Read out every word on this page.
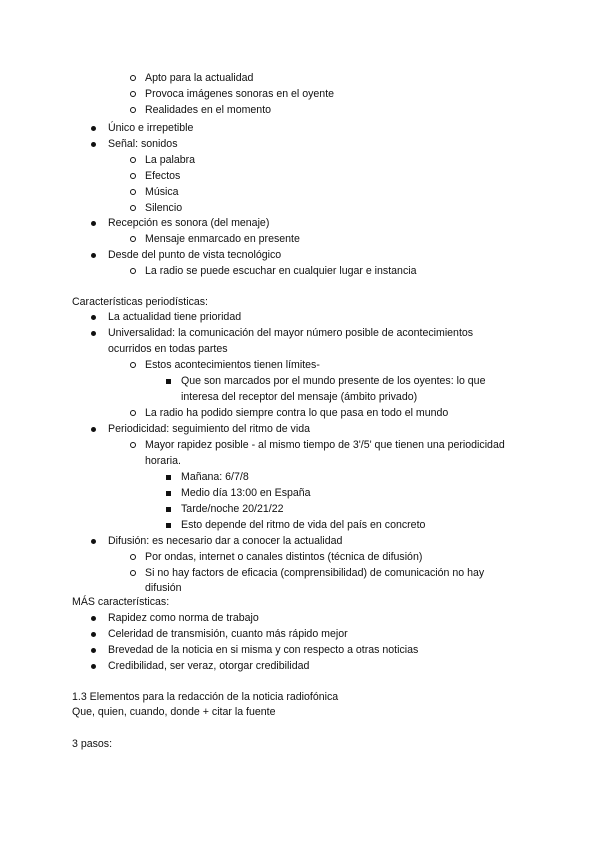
Apto para la actualidad
Provoca imágenes sonoras en el oyente
Realidades en el momento
Único e irrepetible
Señal: sonidos
La palabra
Efectos
Música
Silencio
Recepción es sonora (del menaje)
Mensaje enmarcado en presente
Desde del punto de vista tecnológico
La radio se puede escuchar en cualquier lugar e instancia
Características periodísticas:
La actualidad tiene prioridad
Universalidad: la comunicación del mayor número posible de acontecimientos
ocurridos en todas partes
Estos acontecimientos tienen límites-
Que son marcados por el mundo presente de los oyentes: lo que
interesa del receptor del mensaje (ámbito privado)
La radio ha podido siempre contra lo que pasa en todo el mundo
Periodicidad: seguimiento del ritmo de vida
Mayor rapidez posible - al mismo tiempo de 3'/5' que tienen una periodicidad
horaria.
Mañana: 6/7/8
Medio día 13:00 en España
Tarde/noche 20/21/22
Esto depende del ritmo de vida del país en concreto
Difusión: es necesario dar a conocer la actualidad
Por ondas, internet o canales distintos (técnica de difusión)
Si no hay factors de eficacia (comprensibilidad) de comunicación no hay
difusión
MÁS características:
Rapidez como norma de trabajo
Celeridad de transmisión, cuanto más rápido mejor
Brevedad de la noticia en si misma y con respecto a otras noticias
Credibilidad, ser veraz, otorgar credibilidad
1.3 Elementos para la redacción de la noticia radiofónica
Que, quien, cuando, donde + citar la fuente
3 pasos:
